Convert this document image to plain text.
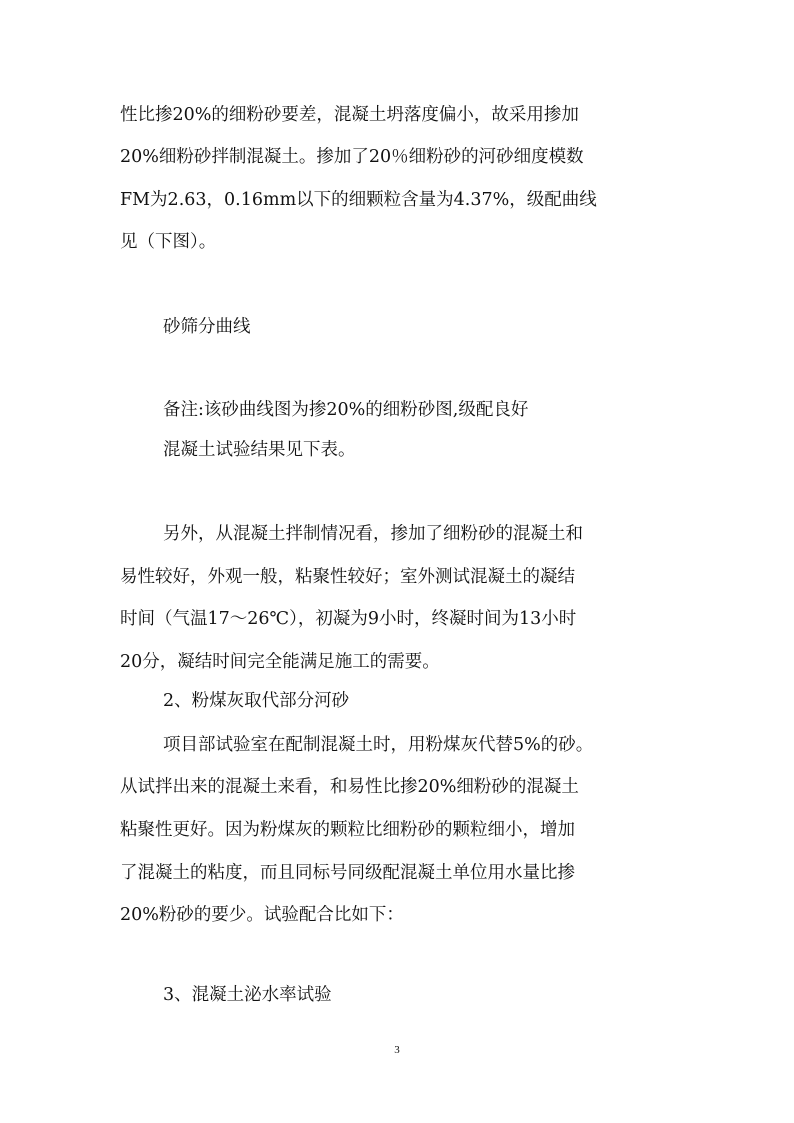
性比掺20%的细粉砂要差，混凝土坍落度偏小，故采用掺加
20%细粉砂拌制混凝土。掺加了20％细粉砂的河砂细度模数
FM为2.63，0.16mm以下的细颗粒含量为4.37%，级配曲线
见（下图）。
砂筛分曲线
备注:该砂曲线图为掺20%的细粉砂图,级配良好
混凝土试验结果见下表。
另外，从混凝土拌制情况看，掺加了细粉砂的混凝土和
易性较好，外观一般，粘聚性较好；室外测试混凝土的凝结
时间（气温17～26℃），初凝为9小时，终凝时间为13小时
20分，凝结时间完全能满足施工的需要。
2、粉煤灰取代部分河砂
项目部试验室在配制混凝土时，用粉煤灰代替5%的砂。
从试拌出来的混凝土来看，和易性比掺20%细粉砂的混凝土
粘聚性更好。因为粉煤灰的颗粒比细粉砂的颗粒细小，增加
了混凝土的粘度，而且同标号同级配混凝土单位用水量比掺
20%粉砂的要少。试验配合比如下：
3、混凝土泌水率试验
3
